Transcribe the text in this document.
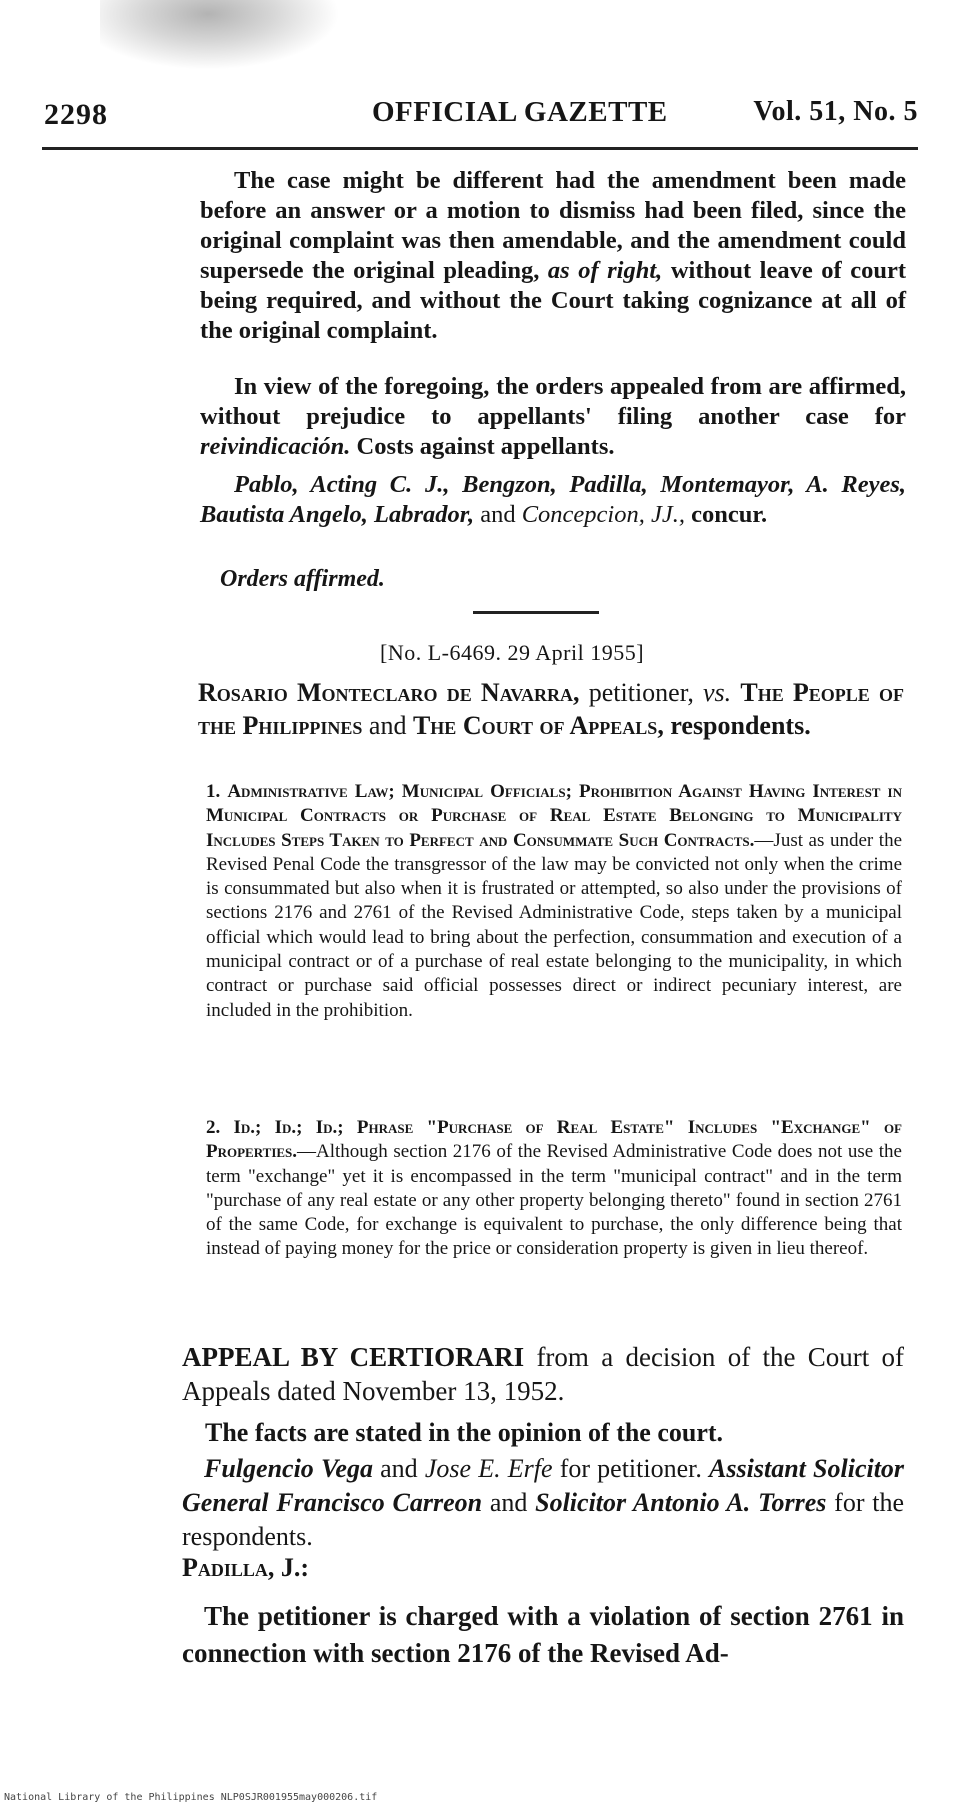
2298	OFFICIAL GAZETTE	Vol. 51, No. 5

The case might be different had the amendment been made before an answer or a motion to dismiss had been filed, since the original complaint was then amendable, and the amendment could supersede the original pleading, as of right, without leave of court being required, and without the Court taking cognizance at all of the original complaint.

In view of the foregoing, the orders appealed from are affirmed, without prejudice to appellants' filing another case for reivindicación. Costs against appellants.

Pablo, Acting C. J., Bengzon, Padilla, Montemayor, A. Reyes, Bautista Angelo, Labrador, and Concepcion, JJ., concur.

Orders affirmed.

[No. L-6469. 29 April 1955]

Rosario Monteclaro de Navarra, petitioner, vs. The People of the Philippines and The Court of Appeals, respondents.

1. Administrative Law; Municipal Officials; Prohibition Against Having Interest in Municipal Contracts or Purchase of Real Estate Belonging to Municipality Includes Steps Taken to Perfect and Consummate Such Contracts.—Just as under the Revised Penal Code the transgressor of the law may be convicted not only when the crime is consummated but also when it is frustrated or attempted, so also under the provisions of sections 2176 and 2761 of the Revised Administrative Code, steps taken by a municipal official which would lead to bring about the perfection, consummation and execution of a municipal contract or of a purchase of real estate belonging to the municipality, in which contract or purchase said official possesses direct or indirect pecuniary interest, are included in the prohibition.
2. Id.; Id.; Id.; Phrase "Purchase of Real Estate" Includes "Exchange" of Properties.—Although section 2176 of the Revised Administrative Code does not use the term "exchange" yet it is encompassed in the term "municipal contract" and in the term "purchase of any real estate or any other property belonging thereto" found in section 2761 of the same Code, for exchange is equivalent to purchase, the only difference being that instead of paying money for the price or consideration property is given in lieu thereof.

APPEAL BY CERTIORARI from a decision of the Court of Appeals dated November 13, 1952.

The facts are stated in the opinion of the court.

Fulgencio Vega and Jose E. Erfe for petitioner. Assistant Solicitor General Francisco Carreon and Solicitor Antonio A. Torres for the respondents.

Padilla, J.:

The petitioner is charged with a violation of section 2761 in connection with section 2176 of the Revised Ad-

National Library of the Philippines NLP0SJR001955may000206.tif
